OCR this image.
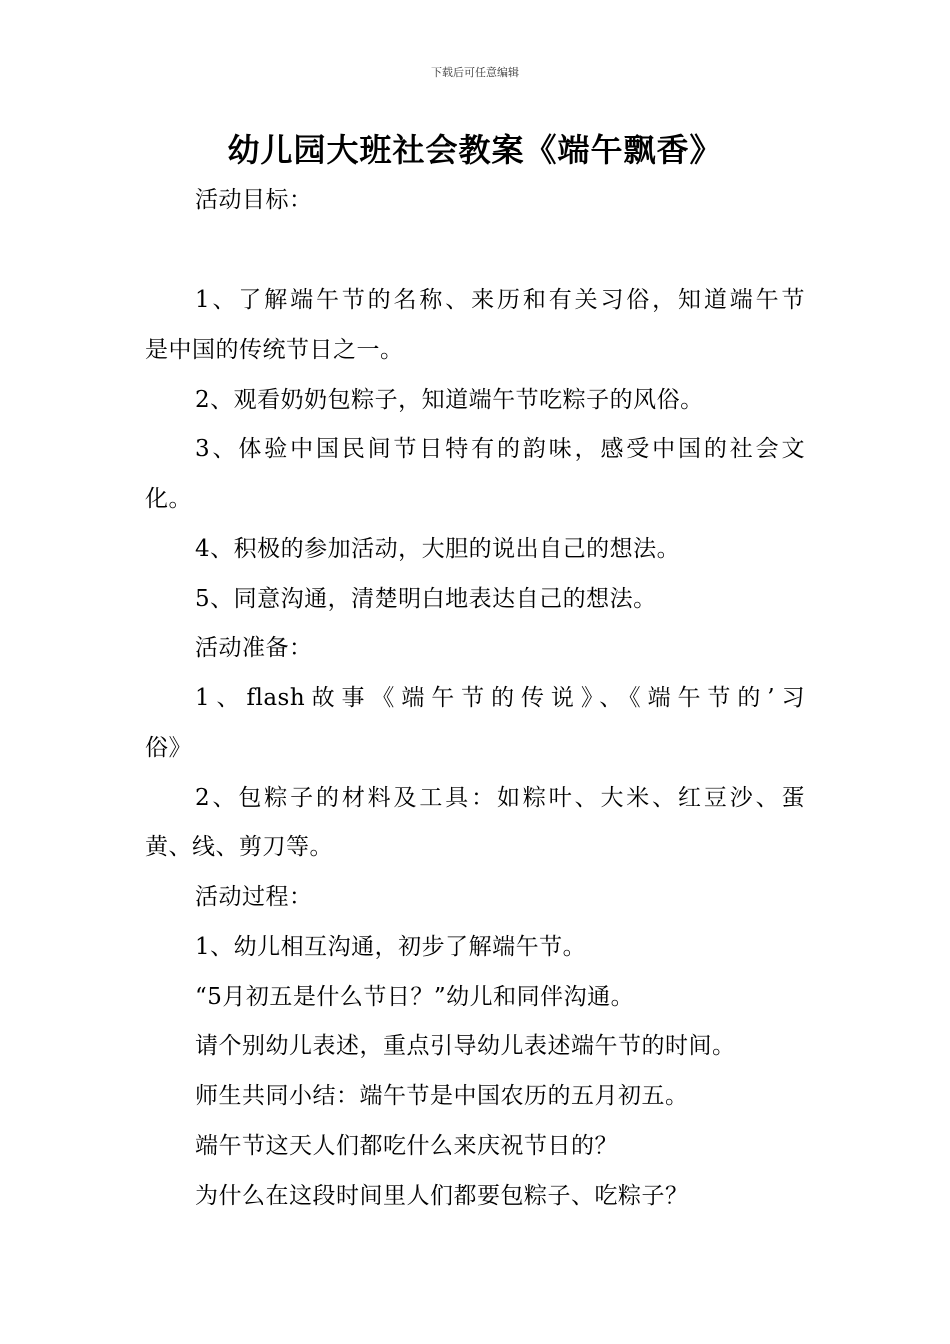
下载后可任意编辑
幼儿园大班社会教案《端午飘香》
活动目标：
1、了解端午节的名称、来历和有关习俗，知道端午节
是中国的传统节日之一。
2、观看奶奶包粽子，知道端午节吃粽子的风俗。
3、体验中国民间节日特有的韵味，感受中国的社会文
化。
4、积极的参加活动，大胆的说出自己的想法。
5、同意沟通，清楚明白地表达自己的想法。
活动准备：
1、flash故事《端午节的传说》、《端午节的’习
俗》
2、包粽子的材料及工具：如粽叶、大米、红豆沙、蛋
黄、线、剪刀等。
活动过程：
1、幼儿相互沟通，初步了解端午节。
“5月初五是什么节日？”幼儿和同伴沟通。
请个别幼儿表述，重点引导幼儿表述端午节的时间。
师生共同小结：端午节是中国农历的五月初五。
端午节这天人们都吃什么来庆祝节日的？
为什么在这段时间里人们都要包粽子、吃粽子？
